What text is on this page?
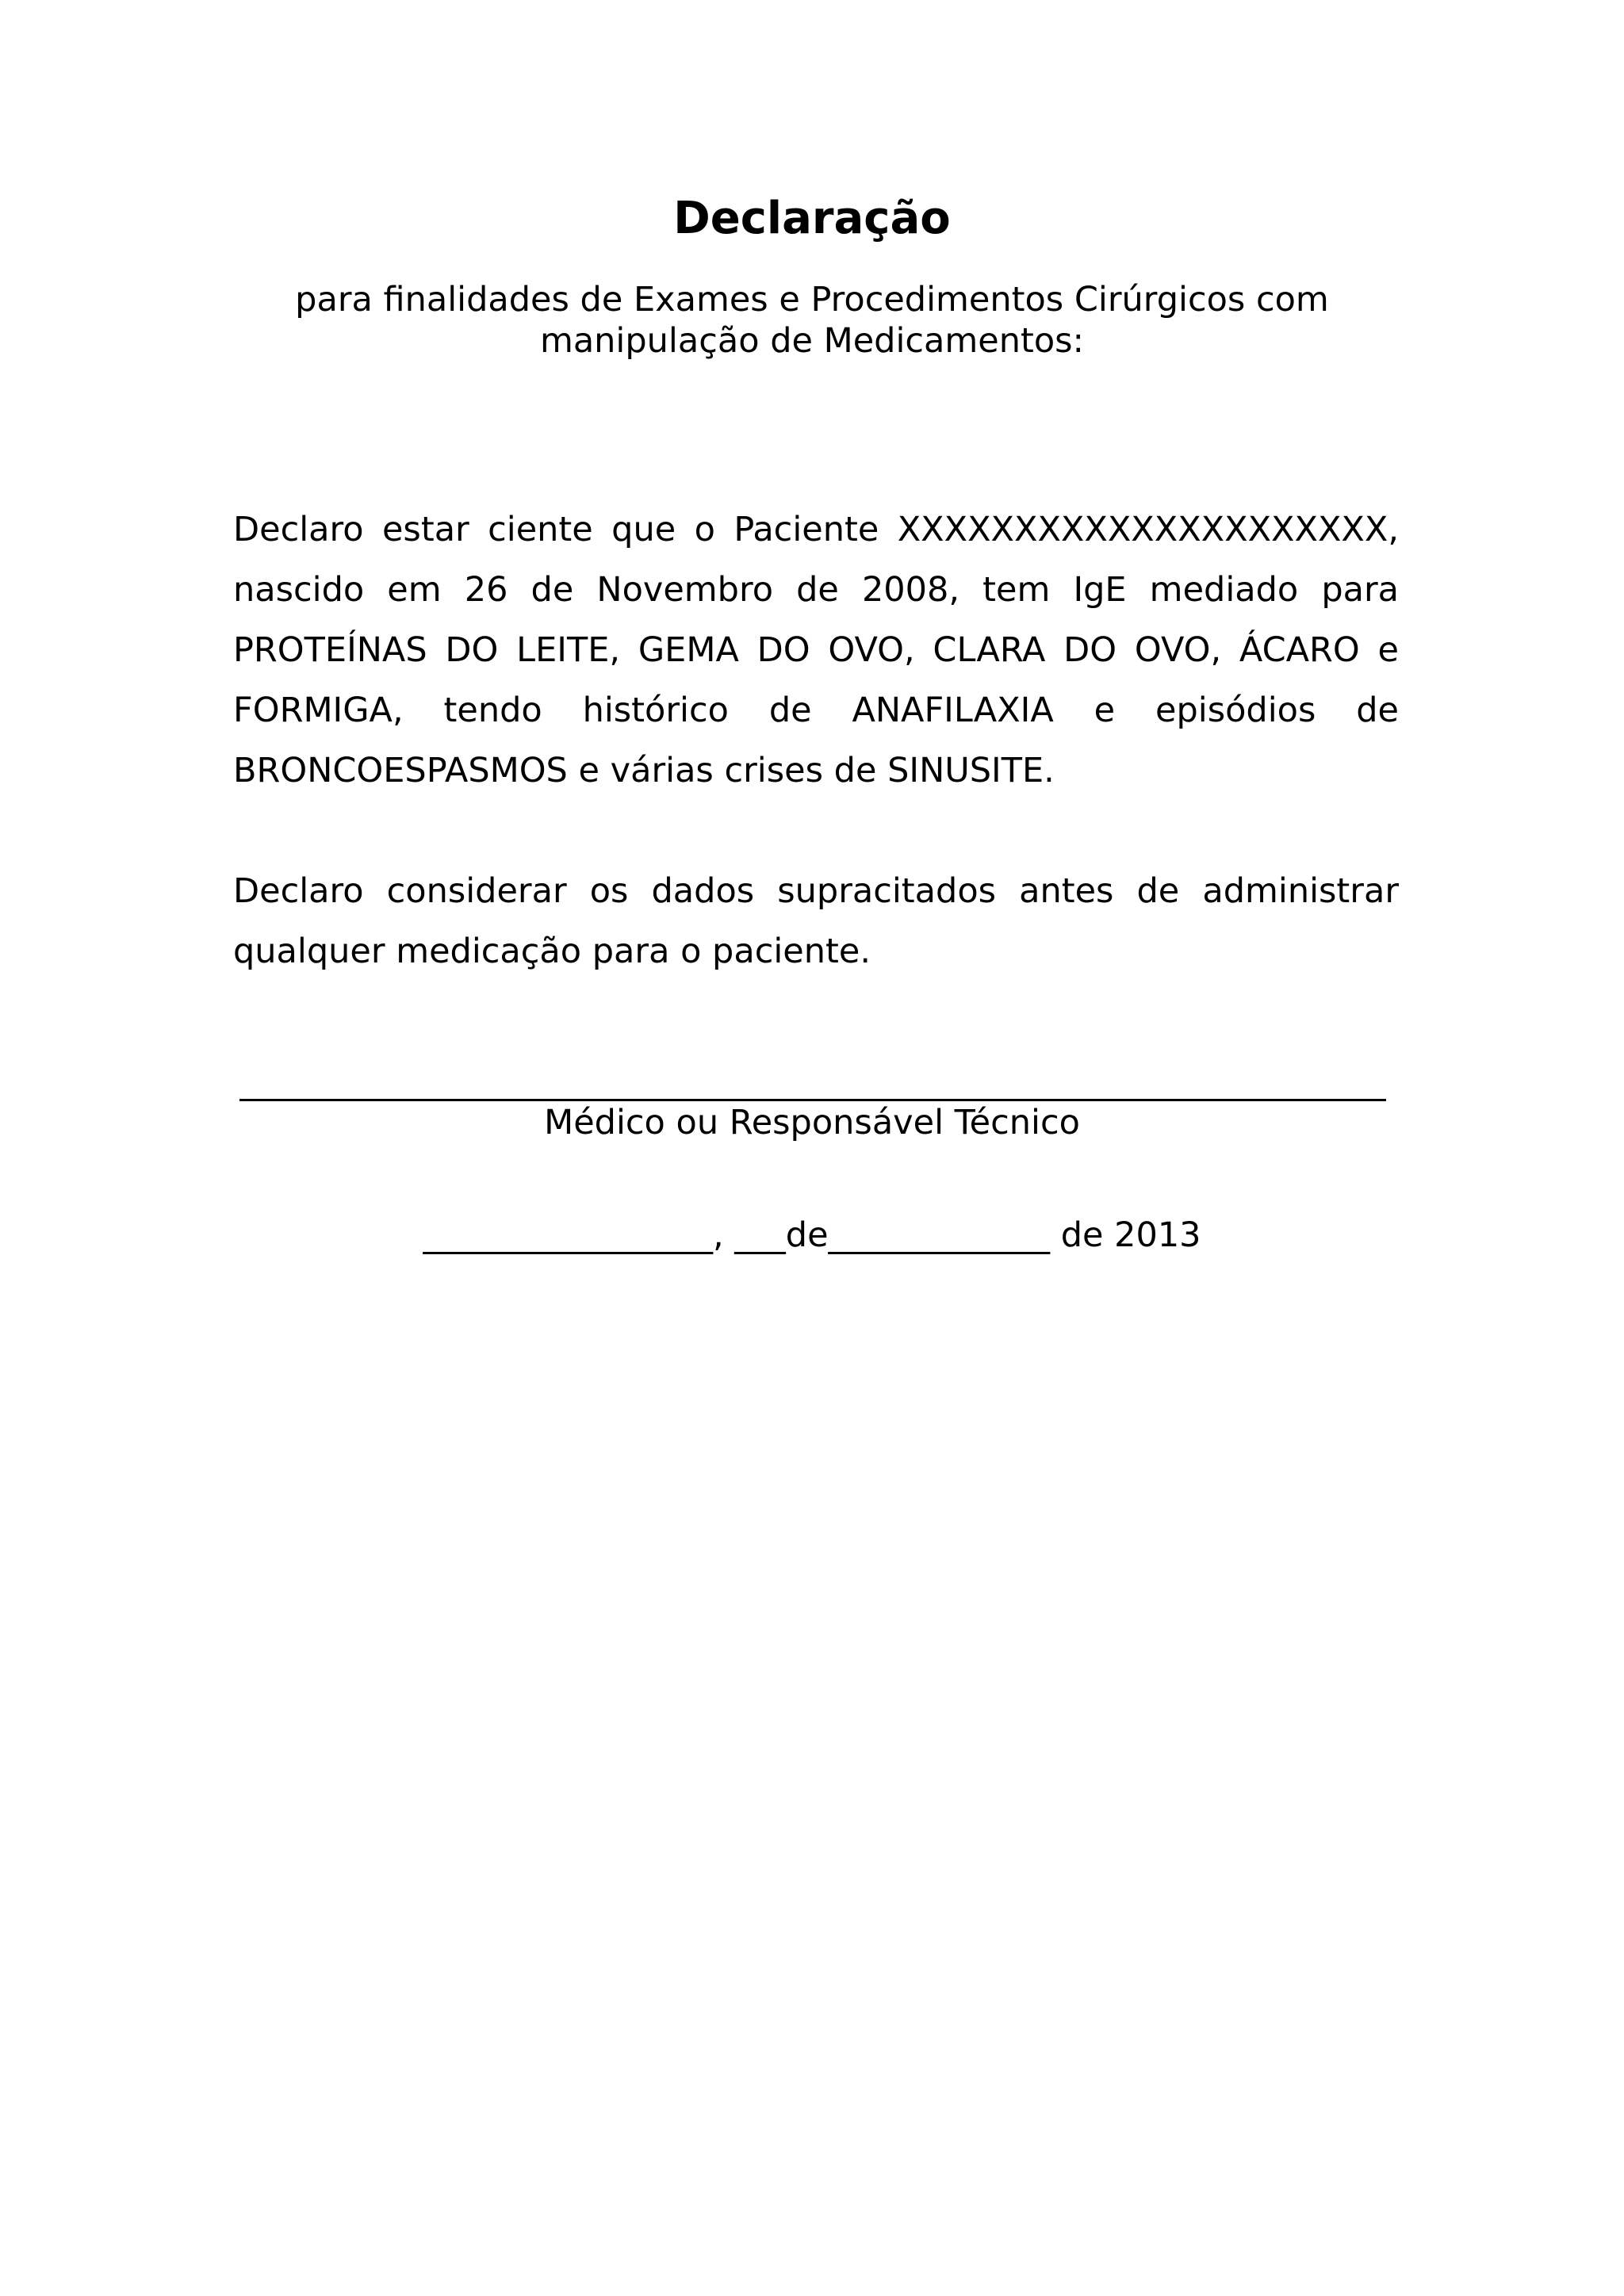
Declaração

para finalidades de Exames e Procedimentos Cirúrgicos com manipulação de Medicamentos:

Declaro estar ciente que o Paciente XXXXXXXXXXXXXXXXXXXXX, nascido em 26 de Novembro de 2008, tem IgE mediado para PROTEÍNAS DO LEITE, GEMA DO OVO, CLARA DO OVO, ÁCARO e FORMIGA, tendo histórico de ANAFILAXIA e episódios de BRONCOESPASMOS e várias crises de SINUSITE.

Declaro considerar os dados supracitados antes de administrar qualquer medicação para o paciente.

Médico ou Responsável Técnico

_________________, ___de_____________ de 2013
